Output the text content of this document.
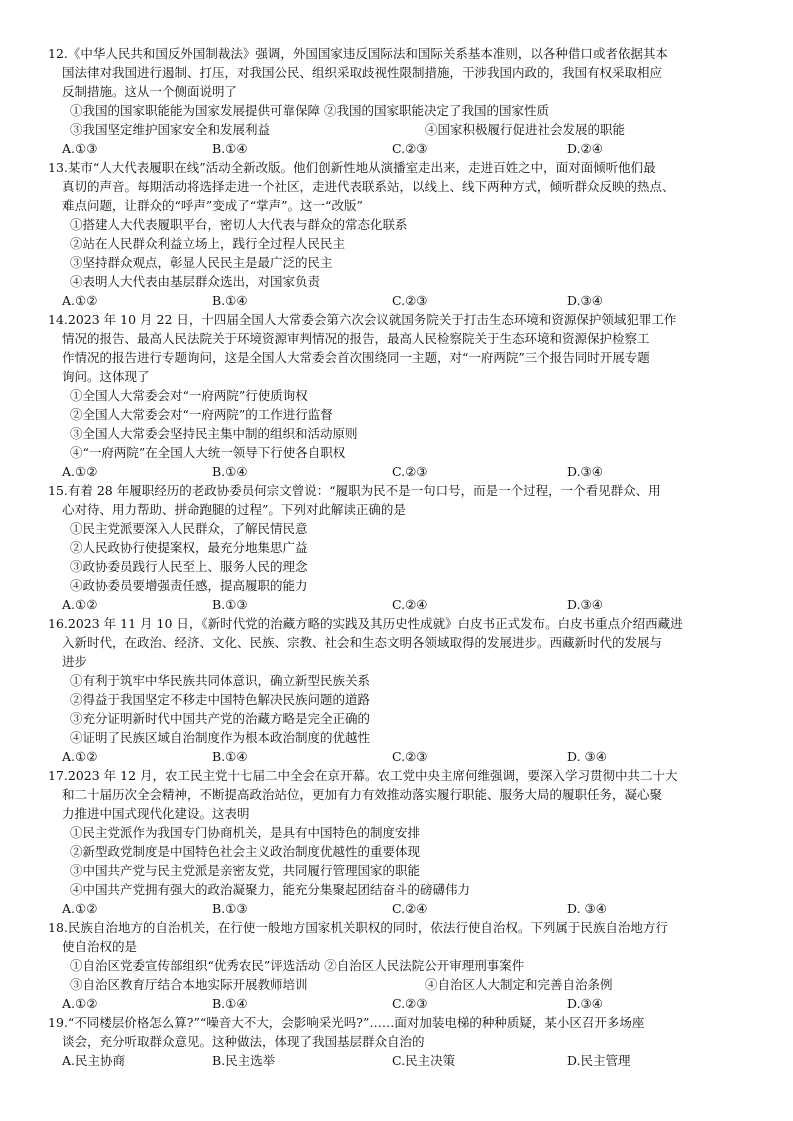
12.《中华人民共和国反外国制裁法》强调，外国国家违反国际法和国际关系基本准则，以各种借口或者依据其本
国法律对我国进行遏制、打压，对我国公民、组织采取歧视性限制措施，干涉我国内政的，我国有权采取相应
反制措施。这从一个侧面说明了
①我国的国家职能能为国家发展提供可靠保障 ②我国的国家职能决定了我国的国家性质
③我国坚定维护国家安全和发展利益	④国家积极履行促进社会发展的职能
A.①③	B.①④	C.②③	D.②④
13.某市“人大代表履职在线”活动全新改版。他们创新性地从演播室走出来，走进百姓之中，面对面倾听他们最
真切的声音。每期活动将选择走进一个社区，走进代表联系站，以线上、线下两种方式，倾听群众反映的热点、
难点问题，让群众的“呼声”变成了“掌声”。这一“改版”
①搭建人大代表履职平台，密切人大代表与群众的常态化联系
②站在人民群众利益立场上，践行全过程人民民主
③坚持群众观点，彰显人民民主是最广泛的民主
④表明人大代表由基层群众选出，对国家负责
A.①②	B.①④	C.②③	D.③④
14.2023 年 10 月 22 日，十四届全国人大常委会第六次会议就国务院关于打击生态环境和资源保护领域犯罪工作
情况的报告、最高人民法院关于环境资源审判情况的报告，最高人民检察院关于生态环境和资源保护检察工
作情况的报告进行专题询问，这是全国人大常委会首次围绕同一主题，对“一府两院”三个报告同时开展专题
询问。这体现了
①全国人大常委会对“一府两院”行使质询权
②全国人大常委会对“一府两院”的工作进行监督
③全国人大常委会坚持民主集中制的组织和活动原则
④“一府两院”在全国人大统一领导下行使各自职权
A.①②	B.①④	C.②③	D.③④
15.有着 28 年履职经历的老政协委员何宗文曾说：“履职为民不是一句口号，而是一个过程，一个看见群众、用
心对待、用力帮助、拼命跑腿的过程”。下列对此解读正确的是
①民主党派要深入人民群众，了解民情民意
②人民政协行使提案权，最充分地集思广益
③政协委员践行人民至上、服务人民的理念
④政协委员要增强责任感，提高履职的能力
A.①②	B.①③	C.②④	D.③④
16.2023 年 11 月 10 日，《新时代党的治藏方略的实践及其历史性成就》白皮书正式发布。白皮书重点介绍西藏进
入新时代，在政治、经济、文化、民族、宗教、社会和生态文明各领域取得的发展进步。西藏新时代的发展与
进步
①有利于筑牢中华民族共同体意识，确立新型民族关系
②得益于我国坚定不移走中国特色解决民族问题的道路
③充分证明新时代中国共产党的治藏方略是完全正确的
④证明了民族区域自治制度作为根本政治制度的优越性
A.①②	B.①④	C.②③	D. ③④
17.2023 年 12 月，农工民主党十七届二中全会在京开幕。农工党中央主席何维强调，要深入学习贯彻中共二十大
和二十届历次全会精神，不断提高政治站位，更加有力有效推动落实履行职能、服务大局的履职任务，凝心聚
力推进中国式现代化建设。这表明
①民主党派作为我国专门协商机关，是具有中国特色的制度安排
②新型政党制度是中国特色社会主义政治制度优越性的重要体现
③中国共产党与民主党派是亲密友党，共同履行管理国家的职能
④中国共产党拥有强大的政治凝聚力，能充分集聚起团结奋斗的磅礴伟力
A.①②	B.①③	C.②④	D. ③④
18.民族自治地方的自治机关，在行使一般地方国家机关职权的同时，依法行使自治权。下列属于民族自治地方行
使自治权的是
①自治区党委宣传部组织“优秀农民”评选活动 ②自治区人民法院公开审理刑事案件
③自治区教育厅结合本地实际开展教师培训	④自治区人大制定和完善自治条例
A.①②	B.①④	C.②③	D.③④
19.“不同楼层价格怎么算?”“噪音大不大，会影响采光吗?”……面对加装电梯的种种质疑，某小区召开多场座
谈会，充分听取群众意见。这种做法，体现了我国基层群众自治的
A.民主协商	B.民主选举	C.民主决策	D.民主管理
